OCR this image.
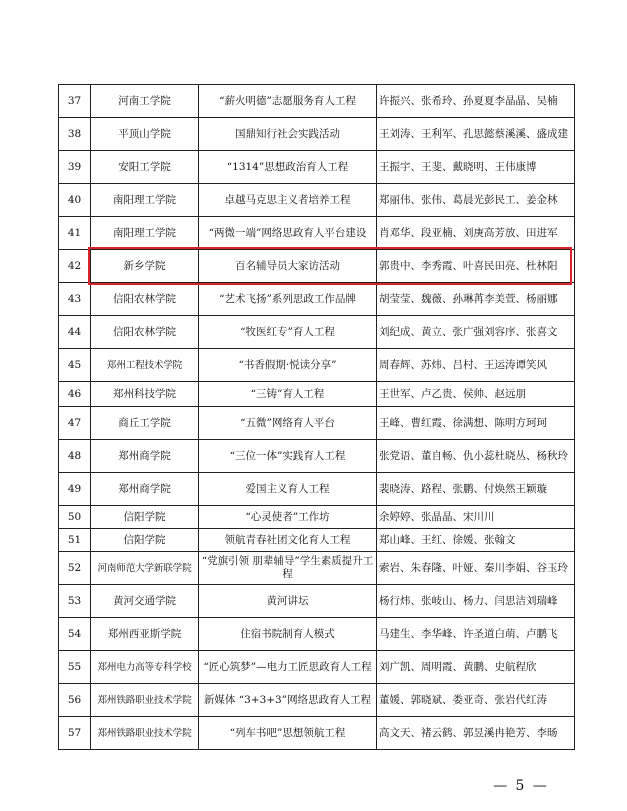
37	河南工学院	“薪火明德”志愿服务育人工程	许振兴、张希玲、孙夏夏李晶晶、吴楠
38	平顶山学院	国鼎知行社会实践活动	王刘涛、王利军、孔思懿蔡溪溪、盛成建
39	安阳工学院	“1314”思想政治育人工程	王振宇、王斐、戴晓明、王伟康博
40	南阳理工学院	卓越马克思主义者培养工程	郑丽伟、张伟、葛晨光彭民工、姜金林
41	南阳理工学院	“两微一端”网络思政育人平台建设	肖邓华、段亚楠、刘庚高芳放、田进军
42	新乡学院	百名辅导员大家访活动	郭贵中、李秀霞、叶喜民田亮、杜林阳
43	信阳农林学院	“艺术飞扬”系列思政工作品牌	胡莹莹、魏薇、孙琳苒李美萱、杨丽娜
44	信阳农林学院	“牧医红专”育人工程	刘纪成、黄立、张广强刘容序、张喜文
45	郑州工程技术学院	“书香假期·悦读分享”	周春辉、苏炜、吕村、王运涛谭笑风
46	郑州科技学院	“三铸”育人工程	王世军、卢乙贵、侯帅、赵远朋
47	商丘工学院	“五微”网络育人平台	王峰、曹红霞、徐满想、陈明方珂珂
48	郑州商学院	“三位一体”实践育人工程	张党语、董自畅、仇小蕊杜晓丛、杨秋玲
49	郑州商学院	爱国主义育人工程	裴晓涛、路程、张鹏、付焕然王颖璇
50	信阳学院	“心灵使者”工作坊	余婷婷、张晶晶、宋川川
51	信阳学院	领航青春社团文化育人工程	郑山峰、王红、徐媛、张翰文
52	河南师范大学新联学院	“党旗引领 朋辈辅导”学生素质提升工程	索岩、朱春隆、叶娅、秦川李娟、谷玉玲
53	黄河交通学院	黄河讲坛	杨行炜、张岐山、杨力、闫思洁刘瑞峰
54	郑州西亚斯学院	住宿书院制育人模式	马建生、李华峰、许圣道白萌、卢鹏飞
55	郑州电力高等专科学校	“匠心筑梦”—电力工匠思政育人工程	刘广凯、周明霞、黄鹏、史航程欣
56	郑州铁路职业技术学院	新媒体 “3+3+3”网络思政育人工程	董媛、郭晓斌、娄亚奇、张岩代红涛
57	郑州铁路职业技术学院	“列车书吧”思想领航工程	高文天、褚云鹤、郭昱溪冉艳芳、李旸
— 5 —
